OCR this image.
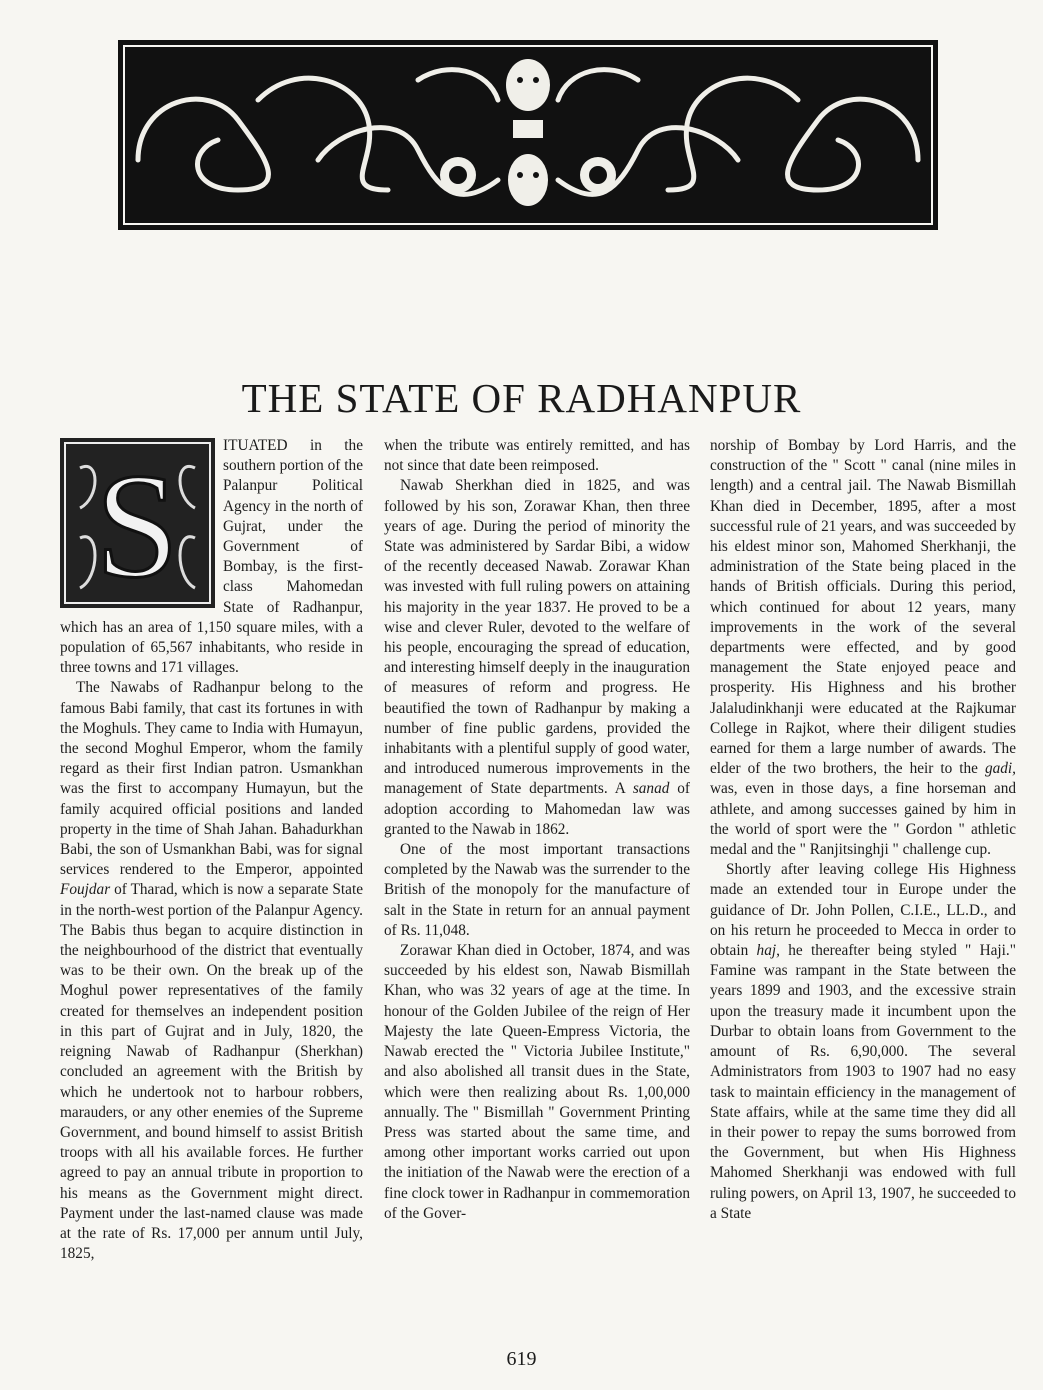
THE STATE OF RADHANPUR

S	ITUATED in the southern portion of the Palanpur Political Agency in the north of Gujrat, under the Government of Bombay, is the first-class Mahomedan State of Radhanpur, which has an area of 1,150 square miles, with a population of 65,567 inhabitants, who reside in three towns and 171 villages.

The Nawabs of Radhanpur belong to the famous Babi family, that cast its fortunes in with the Moghuls. They came to India with Humayun, the second Moghul Emperor, whom the family regard as their first Indian patron. Usmankhan was the first to accompany Humayun, but the family acquired official positions and landed property in the time of Shah Jahan. Bahadurkhan Babi, the son of Usmankhan Babi, was for signal services rendered to the Emperor, appointed Foujdar of Tharad, which is now a separate State in the north-west portion of the Palanpur Agency. The Babis thus began to acquire distinction in the neighbourhood of the district that eventually was to be their own. On the break up of the Moghul power representatives of the family created for themselves an independent position in this part of Gujrat and in July, 1820, the reigning Nawab of Radhanpur (Sherkhan) concluded an agreement with the British by which he undertook not to harbour robbers, marauders, or any other enemies of the Supreme Government, and bound himself to assist British troops with all his available forces. He further agreed to pay an annual tribute in proportion to his means as the Government might direct. Payment under the last-named clause was made at the rate of Rs. 17,000 per annum until July, 1825,

when the tribute was entirely remitted, and has not since that date been reimposed.

Nawab Sherkhan died in 1825, and was followed by his son, Zorawar Khan, then three years of age. During the period of minority the State was administered by Sardar Bibi, a widow of the recently deceased Nawab. Zorawar Khan was invested with full ruling powers on attaining his majority in the year 1837. He proved to be a wise and clever Ruler, devoted to the welfare of his people, encouraging the spread of education, and interesting himself deeply in the inauguration of measures of reform and progress. He beautified the town of Radhanpur by making a number of fine public gardens, provided the inhabitants with a plentiful supply of good water, and introduced numerous improvements in the management of State departments. A sanad of adoption according to Mahomedan law was granted to the Nawab in 1862.

One of the most important transactions completed by the Nawab was the surrender to the British of the monopoly for the manufacture of salt in the State in return for an annual payment of Rs. 11,048.

Zorawar Khan died in October, 1874, and was succeeded by his eldest son, Nawab Bismillah Khan, who was 32 years of age at the time. In honour of the Golden Jubilee of the reign of Her Majesty the late Queen-Empress Victoria, the Nawab erected the " Victoria Jubilee Institute," and also abolished all transit dues in the State, which were then realizing about Rs. 1,00,000 annually. The " Bismillah " Government Printing Press was started about the same time, and among other important works carried out upon the initiation of the Nawab were the erection of a fine clock tower in Radhanpur in commemoration of the Gover-

norship of Bombay by Lord Harris, and the construction of the " Scott " canal (nine miles in length) and a central jail. The Nawab Bismillah Khan died in December, 1895, after a most successful rule of 21 years, and was succeeded by his eldest minor son, Mahomed Sherkhanji, the administration of the State being placed in the hands of British officials. During this period, which continued for about 12 years, many improvements in the work of the several departments were effected, and by good management the State enjoyed peace and prosperity. His Highness and his brother Jalaludinkhanji were educated at the Rajkumar College in Rajkot, where their diligent studies earned for them a large number of awards. The elder of the two brothers, the heir to the gadi, was, even in those days, a fine horseman and athlete, and among successes gained by him in the world of sport were the " Gordon " athletic medal and the " Ranjitsinghji " challenge cup.

Shortly after leaving college His Highness made an extended tour in Europe under the guidance of Dr. John Pollen, C.I.E., LL.D., and on his return he proceeded to Mecca in order to obtain haj, he thereafter being styled " Haji." Famine was rampant in the State between the years 1899 and 1903, and the excessive strain upon the treasury made it incumbent upon the Durbar to obtain loans from Government to the amount of Rs. 6,90,000. The several Administrators from 1903 to 1907 had no easy task to maintain efficiency in the management of State affairs, while at the same time they did all in their power to repay the sums borrowed from the Government, but when His Highness Mahomed Sherkhanji was endowed with full ruling powers, on April 13, 1907, he succeeded to a State

619
